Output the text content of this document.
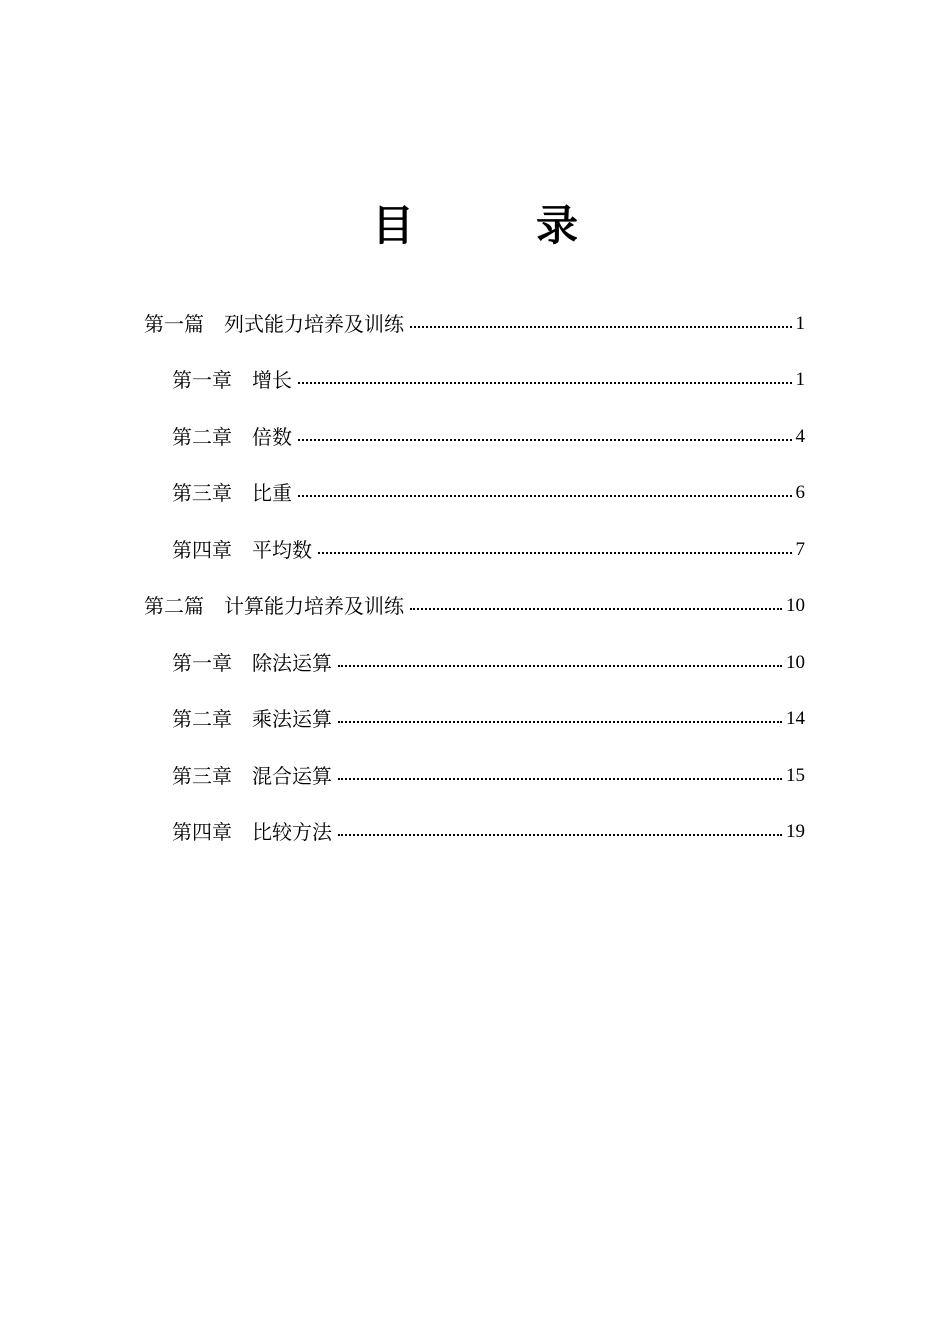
目　录
第一篇　列式能力培养及训练	1
第一章　增长	1
第二章　倍数	4
第三章　比重	6
第四章　平均数	7
第二篇　计算能力培养及训练	10
第一章　除法运算	10
第二章　乘法运算	14
第三章　混合运算	15
第四章　比较方法	19
